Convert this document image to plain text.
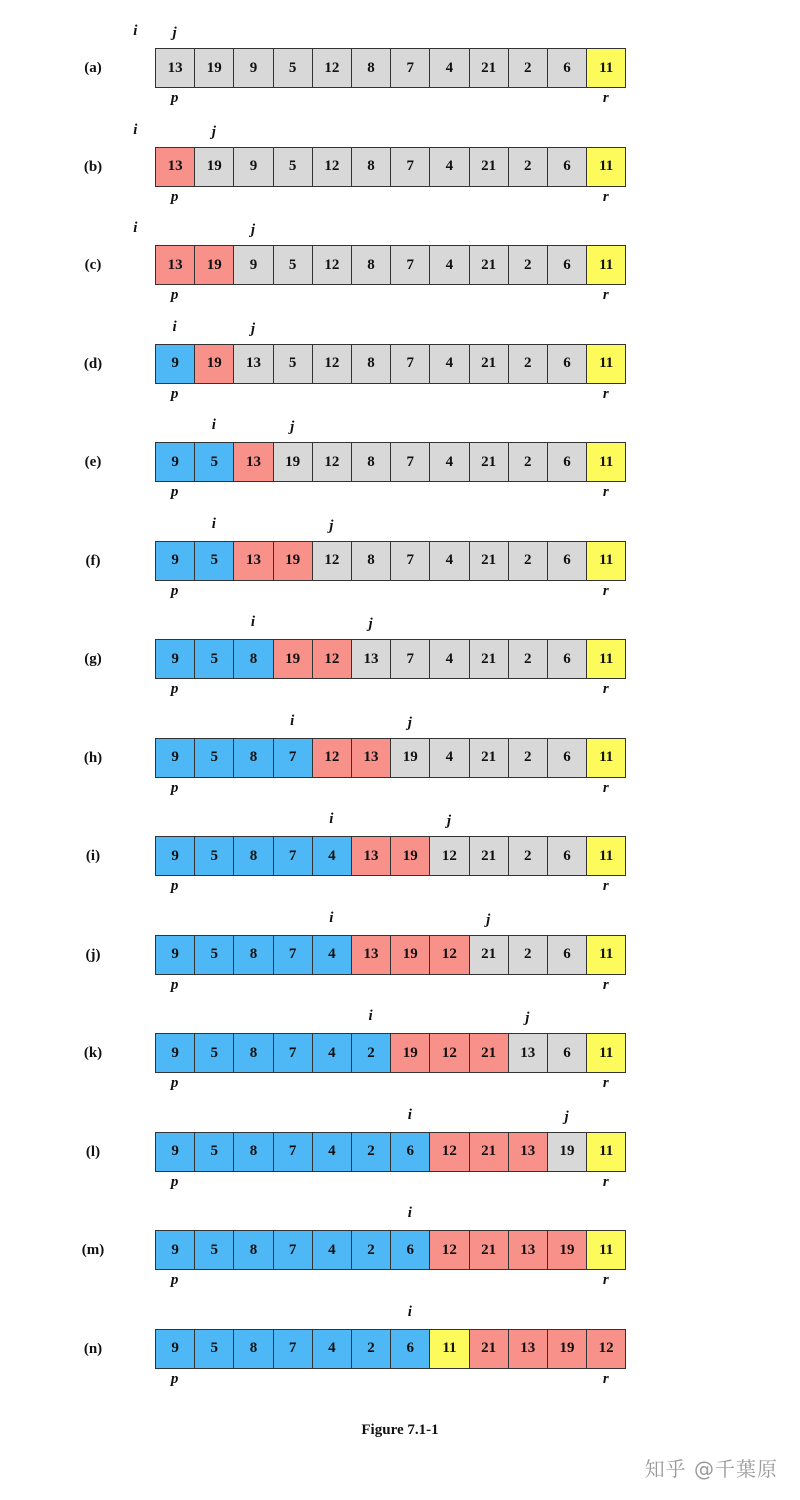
(a)	13	19	9	5	12	8	7	4	21	2	6	11
i	j
p	r
(b)	13	19	9	5	12	8	7	4	21	2	6	11
i	j
p	r
(c)	13	19	9	5	12	8	7	4	21	2	6	11
i	j
p	r
(d)	9	19	13	5	12	8	7	4	21	2	6	11
i	j
p	r
(e)	9	5	13	19	12	8	7	4	21	2	6	11
i	j
p	r
(f)	9	5	13	19	12	8	7	4	21	2	6	11
i	j
p	r
(g)	9	5	8	19	12	13	7	4	21	2	6	11
i	j
p	r
(h)	9	5	8	7	12	13	19	4	21	2	6	11
i	j
p	r
(i)	9	5	8	7	4	13	19	12	21	2	6	11
i	j
p	r
(j)	9	5	8	7	4	13	19	12	21	2	6	11
i	j
p	r
(k)	9	5	8	7	4	2	19	12	21	13	6	11
i	j
p	r
(l)	9	5	8	7	4	2	6	12	21	13	19	11
i	j
p	r
(m)	9	5	8	7	4	2	6	12	21	13	19	11
i
p	r
(n)	9	5	8	7	4	2	6	11	21	13	19	12
i
p	r
Figure 7.1-1
知乎 @千葉原
